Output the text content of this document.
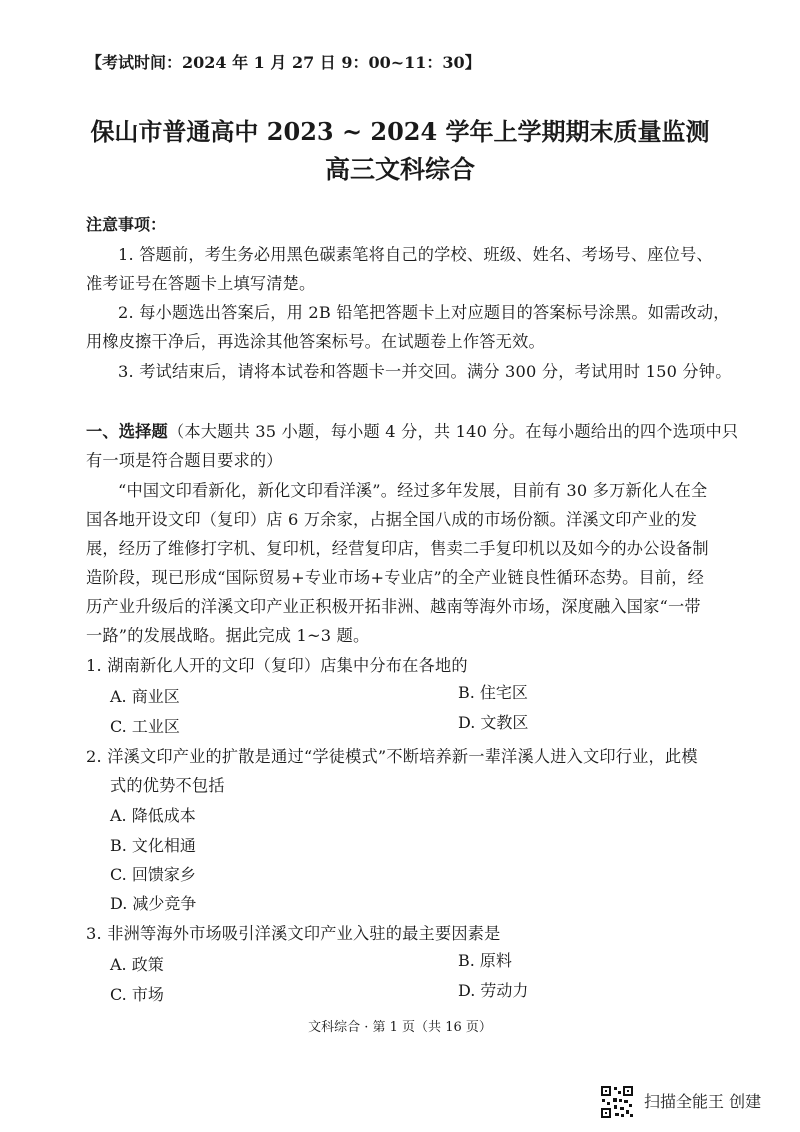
【考试时间：2024 年 1 月 27 日 9：00~11：30】
保山市普通高中 2023 ~ 2024 学年上学期期末质量监测
高三文科综合
注意事项：
1. 答题前，考生务必用黑色碳素笔将自己的学校、班级、姓名、考场号、座位号、
准考证号在答题卡上填写清楚。
2. 每小题选出答案后，用 2B 铅笔把答题卡上对应题目的答案标号涂黑。如需改动，
用橡皮擦干净后，再选涂其他答案标号。在试题卷上作答无效。
3. 考试结束后，请将本试卷和答题卡一并交回。满分 300 分，考试用时 150 分钟。
一、选择题（本大题共 35 小题，每小题 4 分，共 140 分。在每小题给出的四个选项中只
有一项是符合题目要求的）
“中国文印看新化，新化文印看洋溪”。经过多年发展，目前有 30 多万新化人在全
国各地开设文印（复印）店 6 万余家，占据全国八成的市场份额。洋溪文印产业的发
展，经历了维修打字机、复印机，经营复印店，售卖二手复印机以及如今的办公设备制
造阶段，现已形成“国际贸易+专业市场+专业店”的全产业链良性循环态势。目前，经
历产业升级后的洋溪文印产业正积极开拓非洲、越南等海外市场，深度融入国家“一带
一路”的发展战略。据此完成 1~3 题。
1. 湖南新化人开的文印（复印）店集中分布在各地的
A. 商业区	B. 住宅区
C. 工业区	D. 文教区
2. 洋溪文印产业的扩散是通过“学徒模式”不断培养新一辈洋溪人进入文印行业，此模
式的优势不包括
A. 降低成本
B. 文化相通
C. 回馈家乡
D. 减少竞争
3. 非洲等海外市场吸引洋溪文印产业入驻的最主要因素是
A. 政策	B. 原料
C. 市场	D. 劳动力
文科综合 · 第 1 页（共 16 页）
扫描全能王 创建
